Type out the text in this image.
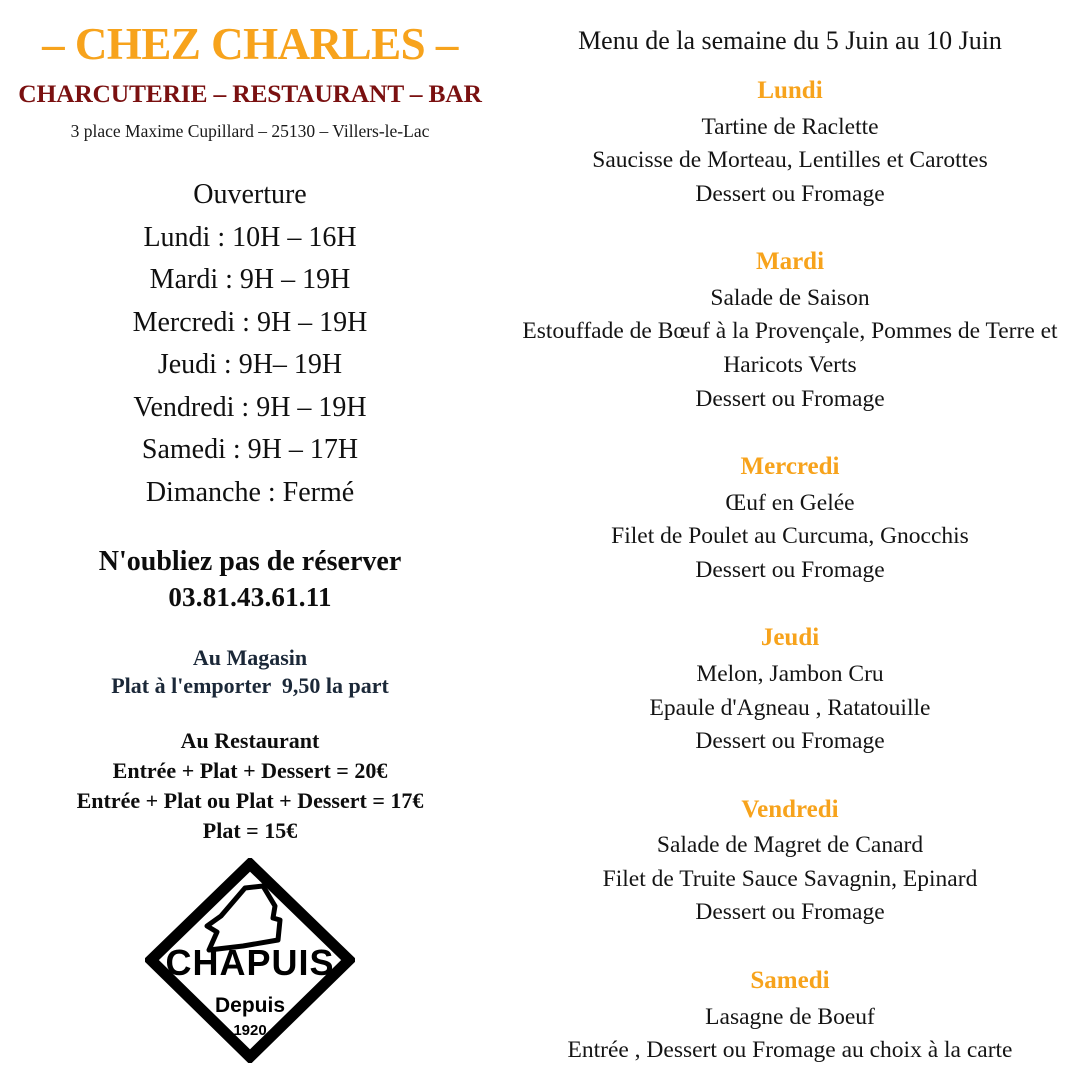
– CHEZ CHARLES –
CHARCUTERIE – RESTAURANT – BAR
3 place Maxime Cupillard – 25130 – Villers-le-Lac
Ouverture
Lundi : 10H – 16H
Mardi : 9H – 19H
Mercredi : 9H – 19H
Jeudi : 9H– 19H
Vendredi : 9H – 19H
Samedi : 9H – 17H
Dimanche : Fermé
N'oubliez pas de réserver
03.81.43.61.11
Au Magasin
Plat à l'emporter  9,50 la part
Au Restaurant
Entrée + Plat + Dessert = 20€
Entrée + Plat ou Plat + Dessert = 17€
Plat = 15€
CHAPUIS
Depuis
1920
Menu de la semaine du 5 Juin au 10 Juin
Lundi
Tartine de Raclette
Saucisse de Morteau, Lentilles et Carottes
Dessert ou Fromage
Mardi
Salade de Saison
Estouffade de Bœuf à la Provençale, Pommes de Terre et
Haricots Verts
Dessert ou Fromage
Mercredi
Œuf en Gelée
Filet de Poulet au Curcuma, Gnocchis
Dessert ou Fromage
Jeudi
Melon, Jambon Cru
Epaule d'Agneau , Ratatouille
Dessert ou Fromage
Vendredi
Salade de Magret de Canard
Filet de Truite Sauce Savagnin, Epinard
Dessert ou Fromage
Samedi
Lasagne de Boeuf
Entrée , Dessert ou Fromage au choix à la carte
